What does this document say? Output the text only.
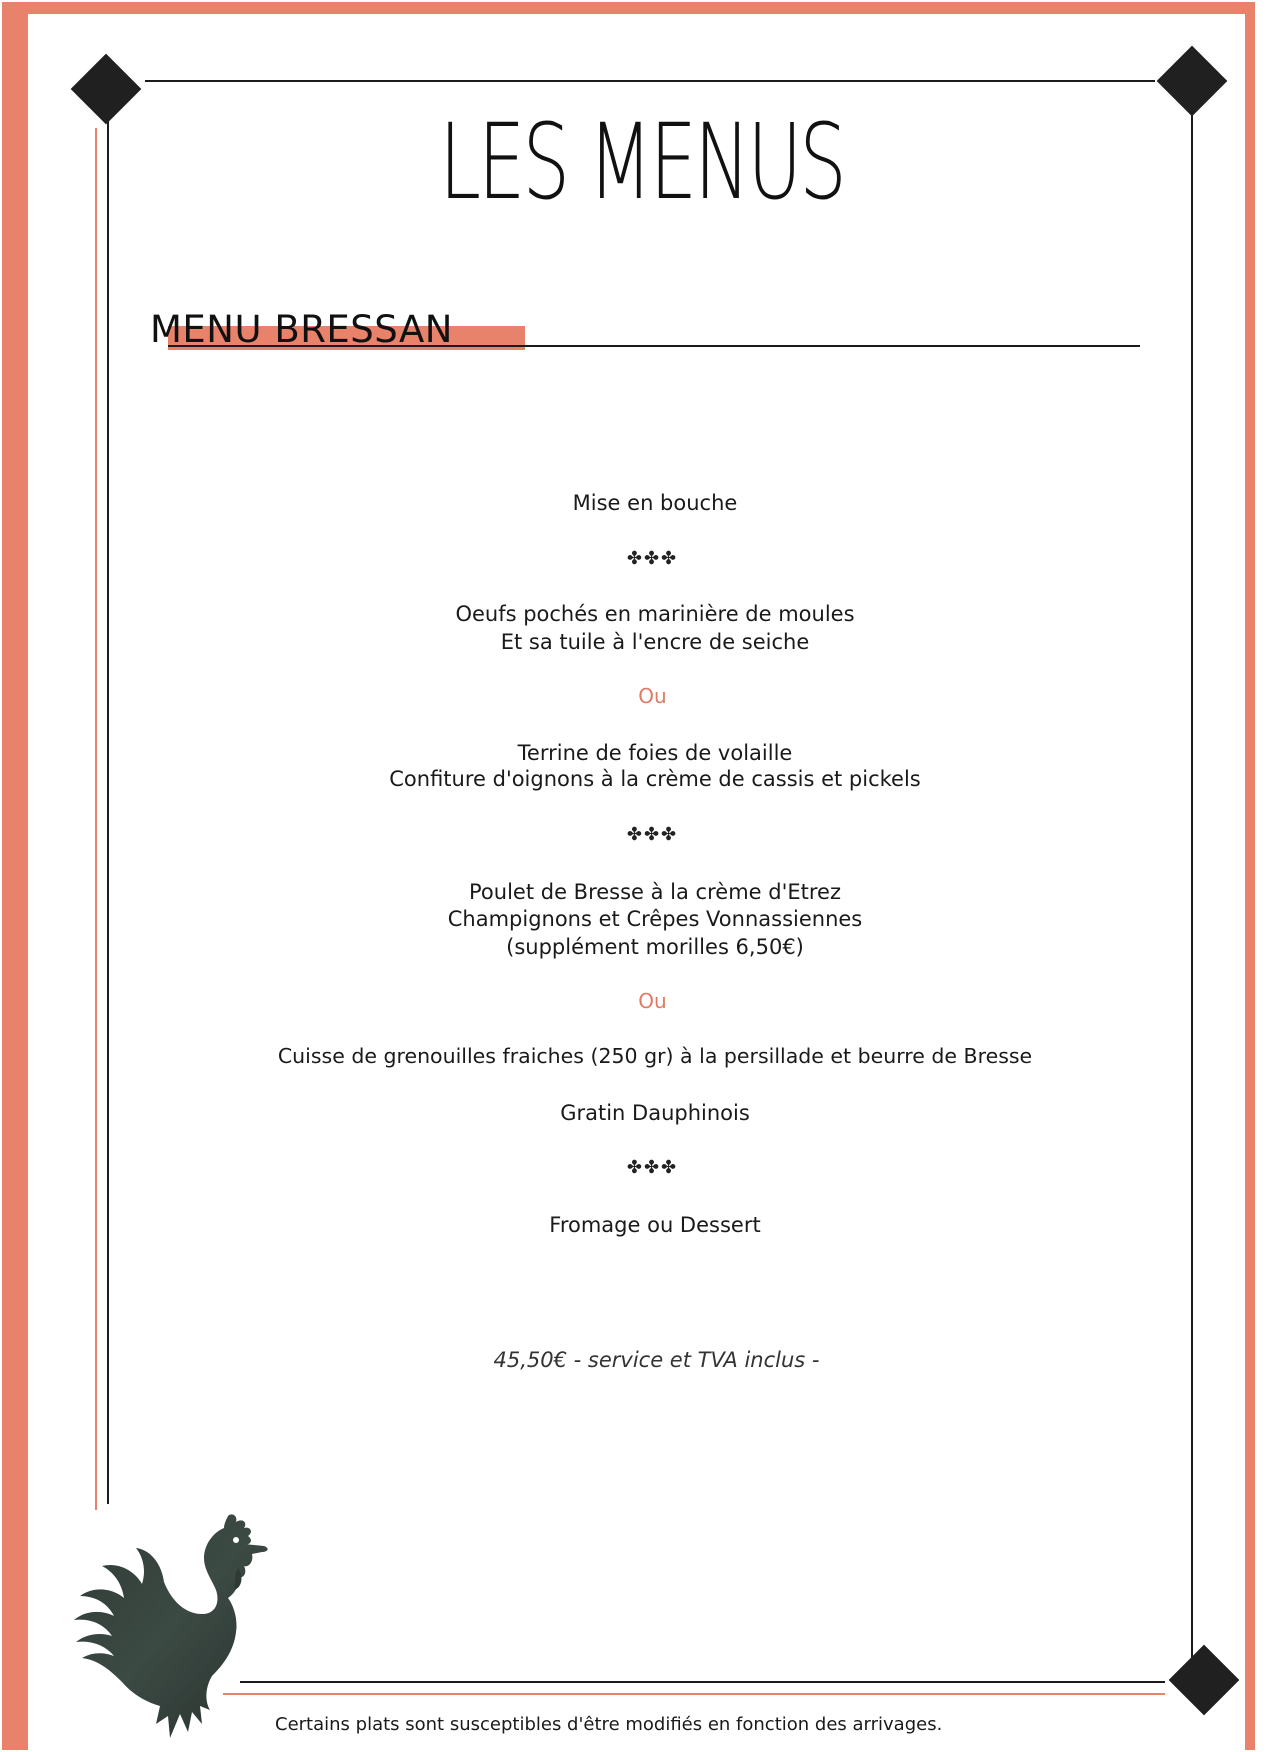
LES MENUS
MENU BRESSAN
Mise en bouche
✤✤✤
Oeufs pochés en marinière de moules
Et sa tuile à l'encre de seiche
Ou
Terrine de foies de volaille
Confiture d'oignons à la crème de cassis et pickels
✤✤✤
Poulet de Bresse à la crème d'Etrez
Champignons et Crêpes Vonnassiennes
(supplément morilles 6,50€)
Ou
Cuisse de grenouilles fraiches (250 gr) à la persillade et beurre de Bresse
Gratin Dauphinois
✤✤✤
Fromage ou Dessert
45,50€ - service et TVA inclus -
Certains plats sont susceptibles d'être modifiés en fonction des arrivages.
